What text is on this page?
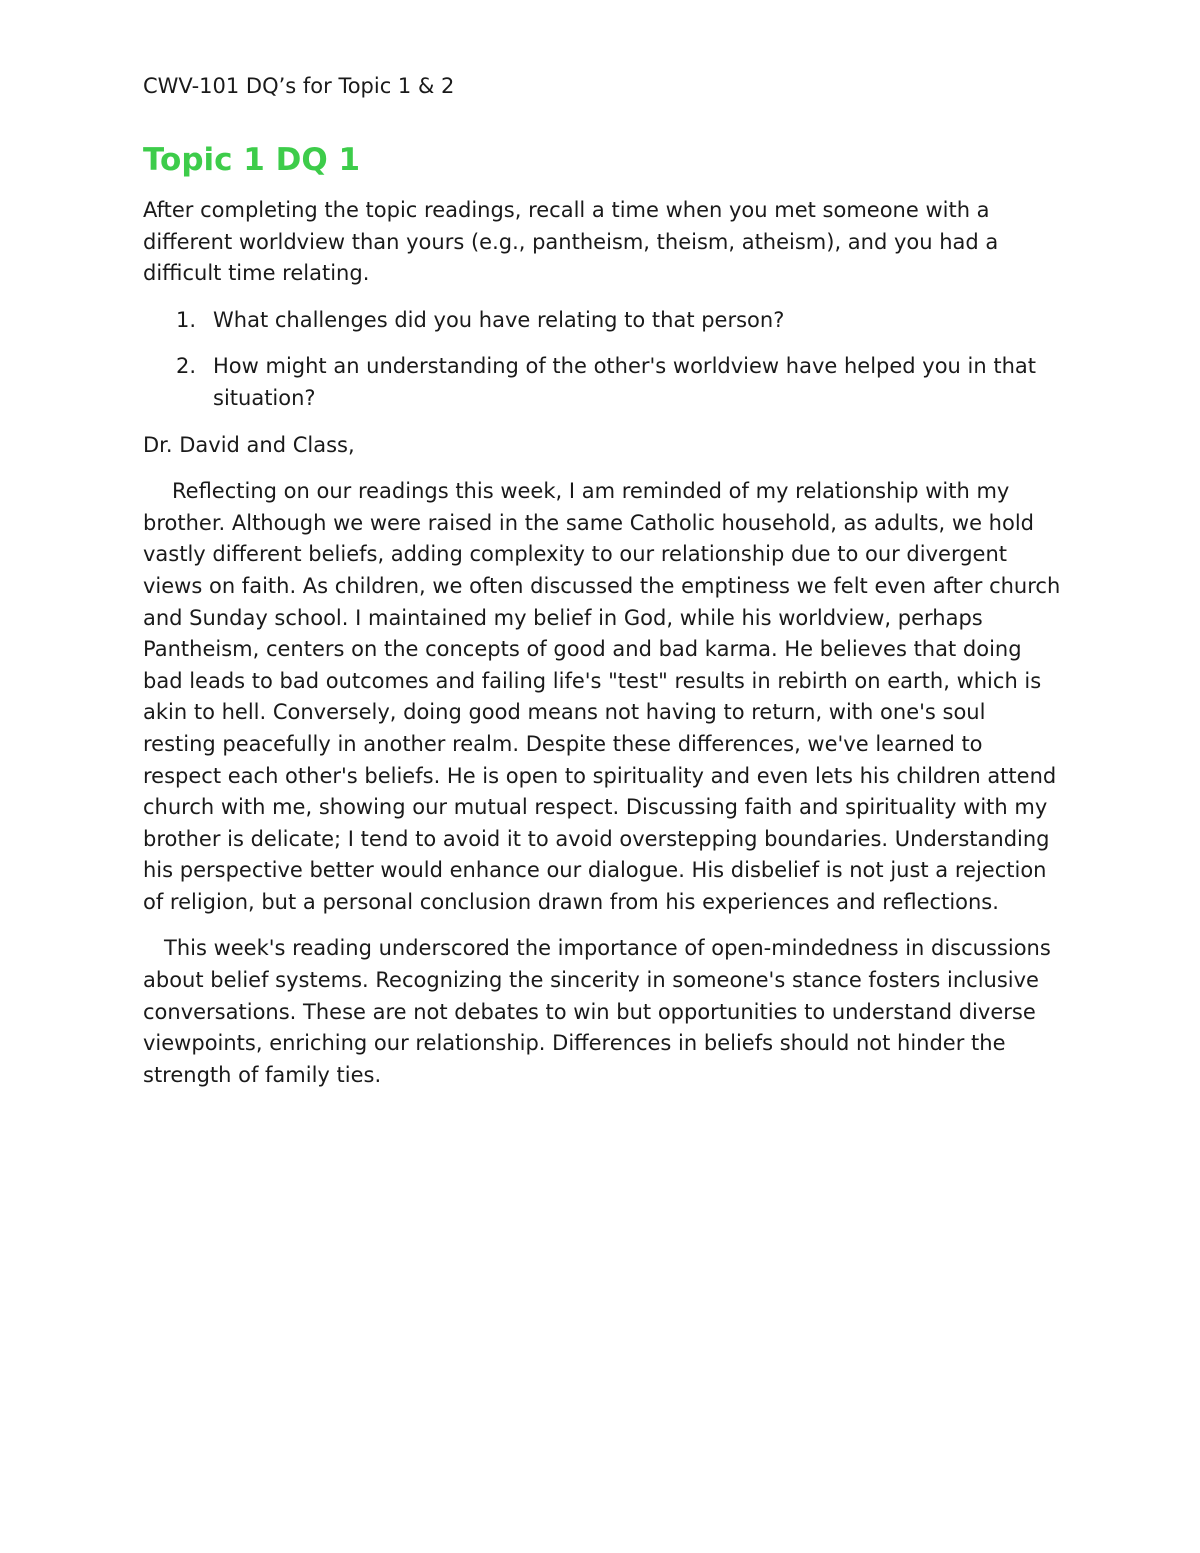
CWV-101 DQ’s for Topic 1 & 2
Topic 1 DQ 1

After completing the topic readings, recall a time when you met someone with a different worldview than yours (e.g., pantheism, theism, atheism), and you had a difficult time relating.

1. What challenges did you have relating to that person?
2. How might an understanding of the other's worldview have helped you in that situation?

Dr. David and Class,

Reflecting on our readings this week, I am reminded of my relationship with my brother. Although we were raised in the same Catholic household, as adults, we hold vastly different beliefs, adding complexity to our relationship due to our divergent views on faith. As children, we often discussed the emptiness we felt even after church and Sunday school. I maintained my belief in God, while his worldview, perhaps Pantheism, centers on the concepts of good and bad karma. He believes that doing bad leads to bad outcomes and failing life's "test" results in rebirth on earth, which is akin to hell. Conversely, doing good means not having to return, with one's soul resting peacefully in another realm. Despite these differences, we've learned to respect each other's beliefs. He is open to spirituality and even lets his children attend church with me, showing our mutual respect. Discussing faith and spirituality with my brother is delicate; I tend to avoid it to avoid overstepping boundaries. Understanding his perspective better would enhance our dialogue. His disbelief is not just a rejection of religion, but a personal conclusion drawn from his experiences and reflections.

This week's reading underscored the importance of open-mindedness in discussions about belief systems. Recognizing the sincerity in someone's stance fosters inclusive conversations. These are not debates to win but opportunities to understand diverse viewpoints, enriching our relationship. Differences in beliefs should not hinder the strength of family ties.
